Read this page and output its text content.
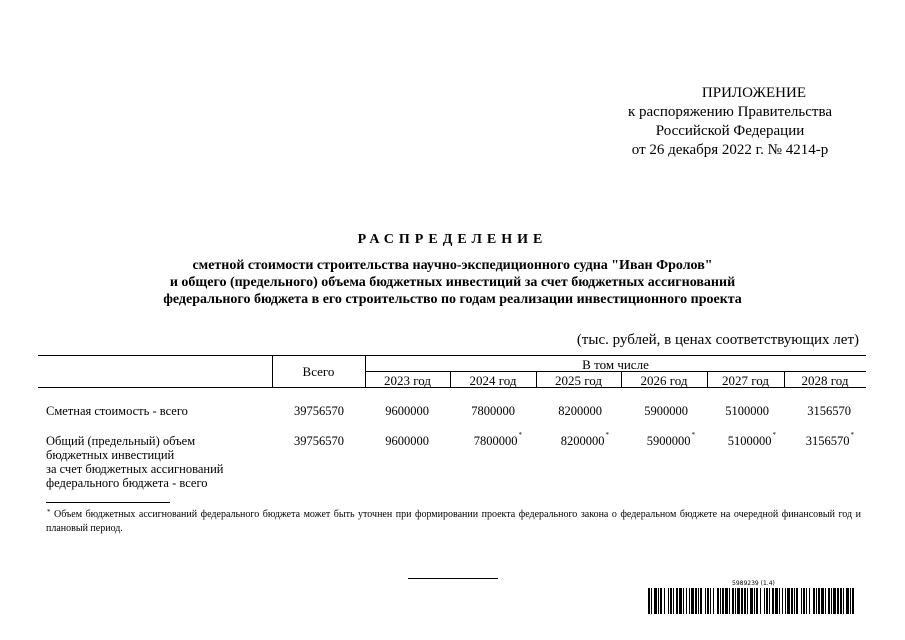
ПРИЛОЖЕНИЕ
к распоряжению Правительства
Российской Федерации
от 26 декабря 2022 г. № 4214-р
РАСПРЕДЕЛЕНИЕ
сметной стоимости строительства научно-экспедиционного судна "Иван Фролов"
и общего (предельного) объема бюджетных инвестиций за счет бюджетных ассигнований
федерального бюджета в его строительство по годам реализации инвестиционного проекта
(тыс. рублей, в ценах соответствующих лет)
Всего	В том числе
2023 год	2024 год	2025 год	2026 год	2027 год	2028 год
Сметная стоимость - всего	39756570	9600000	7800000	8200000	5900000	5100000	3156570
Общий (предельный) объем
бюджетных инвестиций
за счет бюджетных ассигнований
федерального бюджета - всего
39756570	9600000	7800000*	8200000*	5900000*	5100000*	3156570*
* Объем бюджетных ассигнований федерального бюджета может быть уточнен при формировании проекта федерального закона о федеральном бюджете на очередной финансовый год и плановый период.
5989239 (1.4)
